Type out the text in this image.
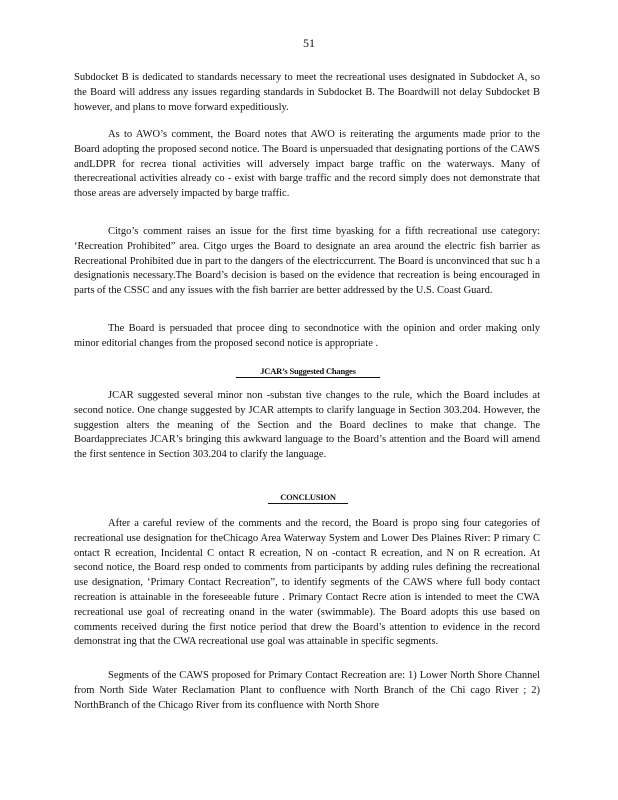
51

Subdocket B is dedicated to standards necessary to meet the recreational uses designated in Subdocket A, so the Board will address any issues regarding standards in Subdocket B. The Boardwill not delay Subdocket B however, and plans to move forward expeditiously.

As to AWO’s comment, the Board notes that AWO is reiterating the arguments made prior to the Board adopting the proposed second notice. The Board is unpersuaded that designating portions of the CAWS andLDPR for recrea tional activities will adversely impact barge traffic on the waterways. Many of therecreational activities already co - exist with barge traffic and the record simply does not demonstrate that those areas are adversely impacted by barge traffic.

Citgo’s comment raises an issue for the first time byasking for a fifth recreational use category: ‘Recreation Prohibited” area. Citgo urges the Board to designate an area around the electric fish barrier as Recreational Prohibited due in part to the dangers of the electriccurrent. The Board is unconvinced that suc h a designationis necessary.The Board’s decision is based on the evidence that recreation is being encouraged in parts of the CSSC and any issues with the fish barrier are better addressed by the U.S. Coast Guard.

The Board is persuaded that procee ding to secondnotice with the opinion and order making only minor editorial changes from the proposed second notice is appropriate .

JCAR’s Suggested Changes

JCAR suggested several minor non -substan tive changes to the rule, which the Board includes at second notice. One change suggested by JCAR attempts to clarify language in Section 303.204. However, the suggestion alters the meaning of the Section and the Board declines to make that change. The Boardappreciates JCAR’s bringing this awkward language to the Board’s attention and the Board will amend the first sentence in Section 303.204 to clarify the language.

CONCLUSION

After a careful review of the comments and the record, the Board is propo sing four categories of recreational use designation for theChicago Area Waterway System and Lower Des Plaines River: P rimary C ontact R ecreation, Incidental C ontact R ecreation, N on -contact R ecreation, and N on R ecreation. At second notice, the Board resp onded to comments from participants by adding rules defining the recreational use designation, ‘Primary Contact Recreation”, to identify segments of the CAWS where full body contact recreation is attainable in the foreseeable future . Primary Contact Recre ation is intended to meet the CWA recreational use goal of recreating onand in the water (swimmable). The Board adopts this use based on comments received during the first notice period that drew the Board’s attention to evidence in the record demonstrat ing that the CWA recreational use goal was attainable in specific segments.

Segments of the CAWS proposed for Primary Contact Recreation are: 1) Lower North Shore Channel from North Side Water Reclamation Plant to confluence with North Branch of the Chi cago River ; 2) NorthBranch of the Chicago River from its confluence with North Shore
